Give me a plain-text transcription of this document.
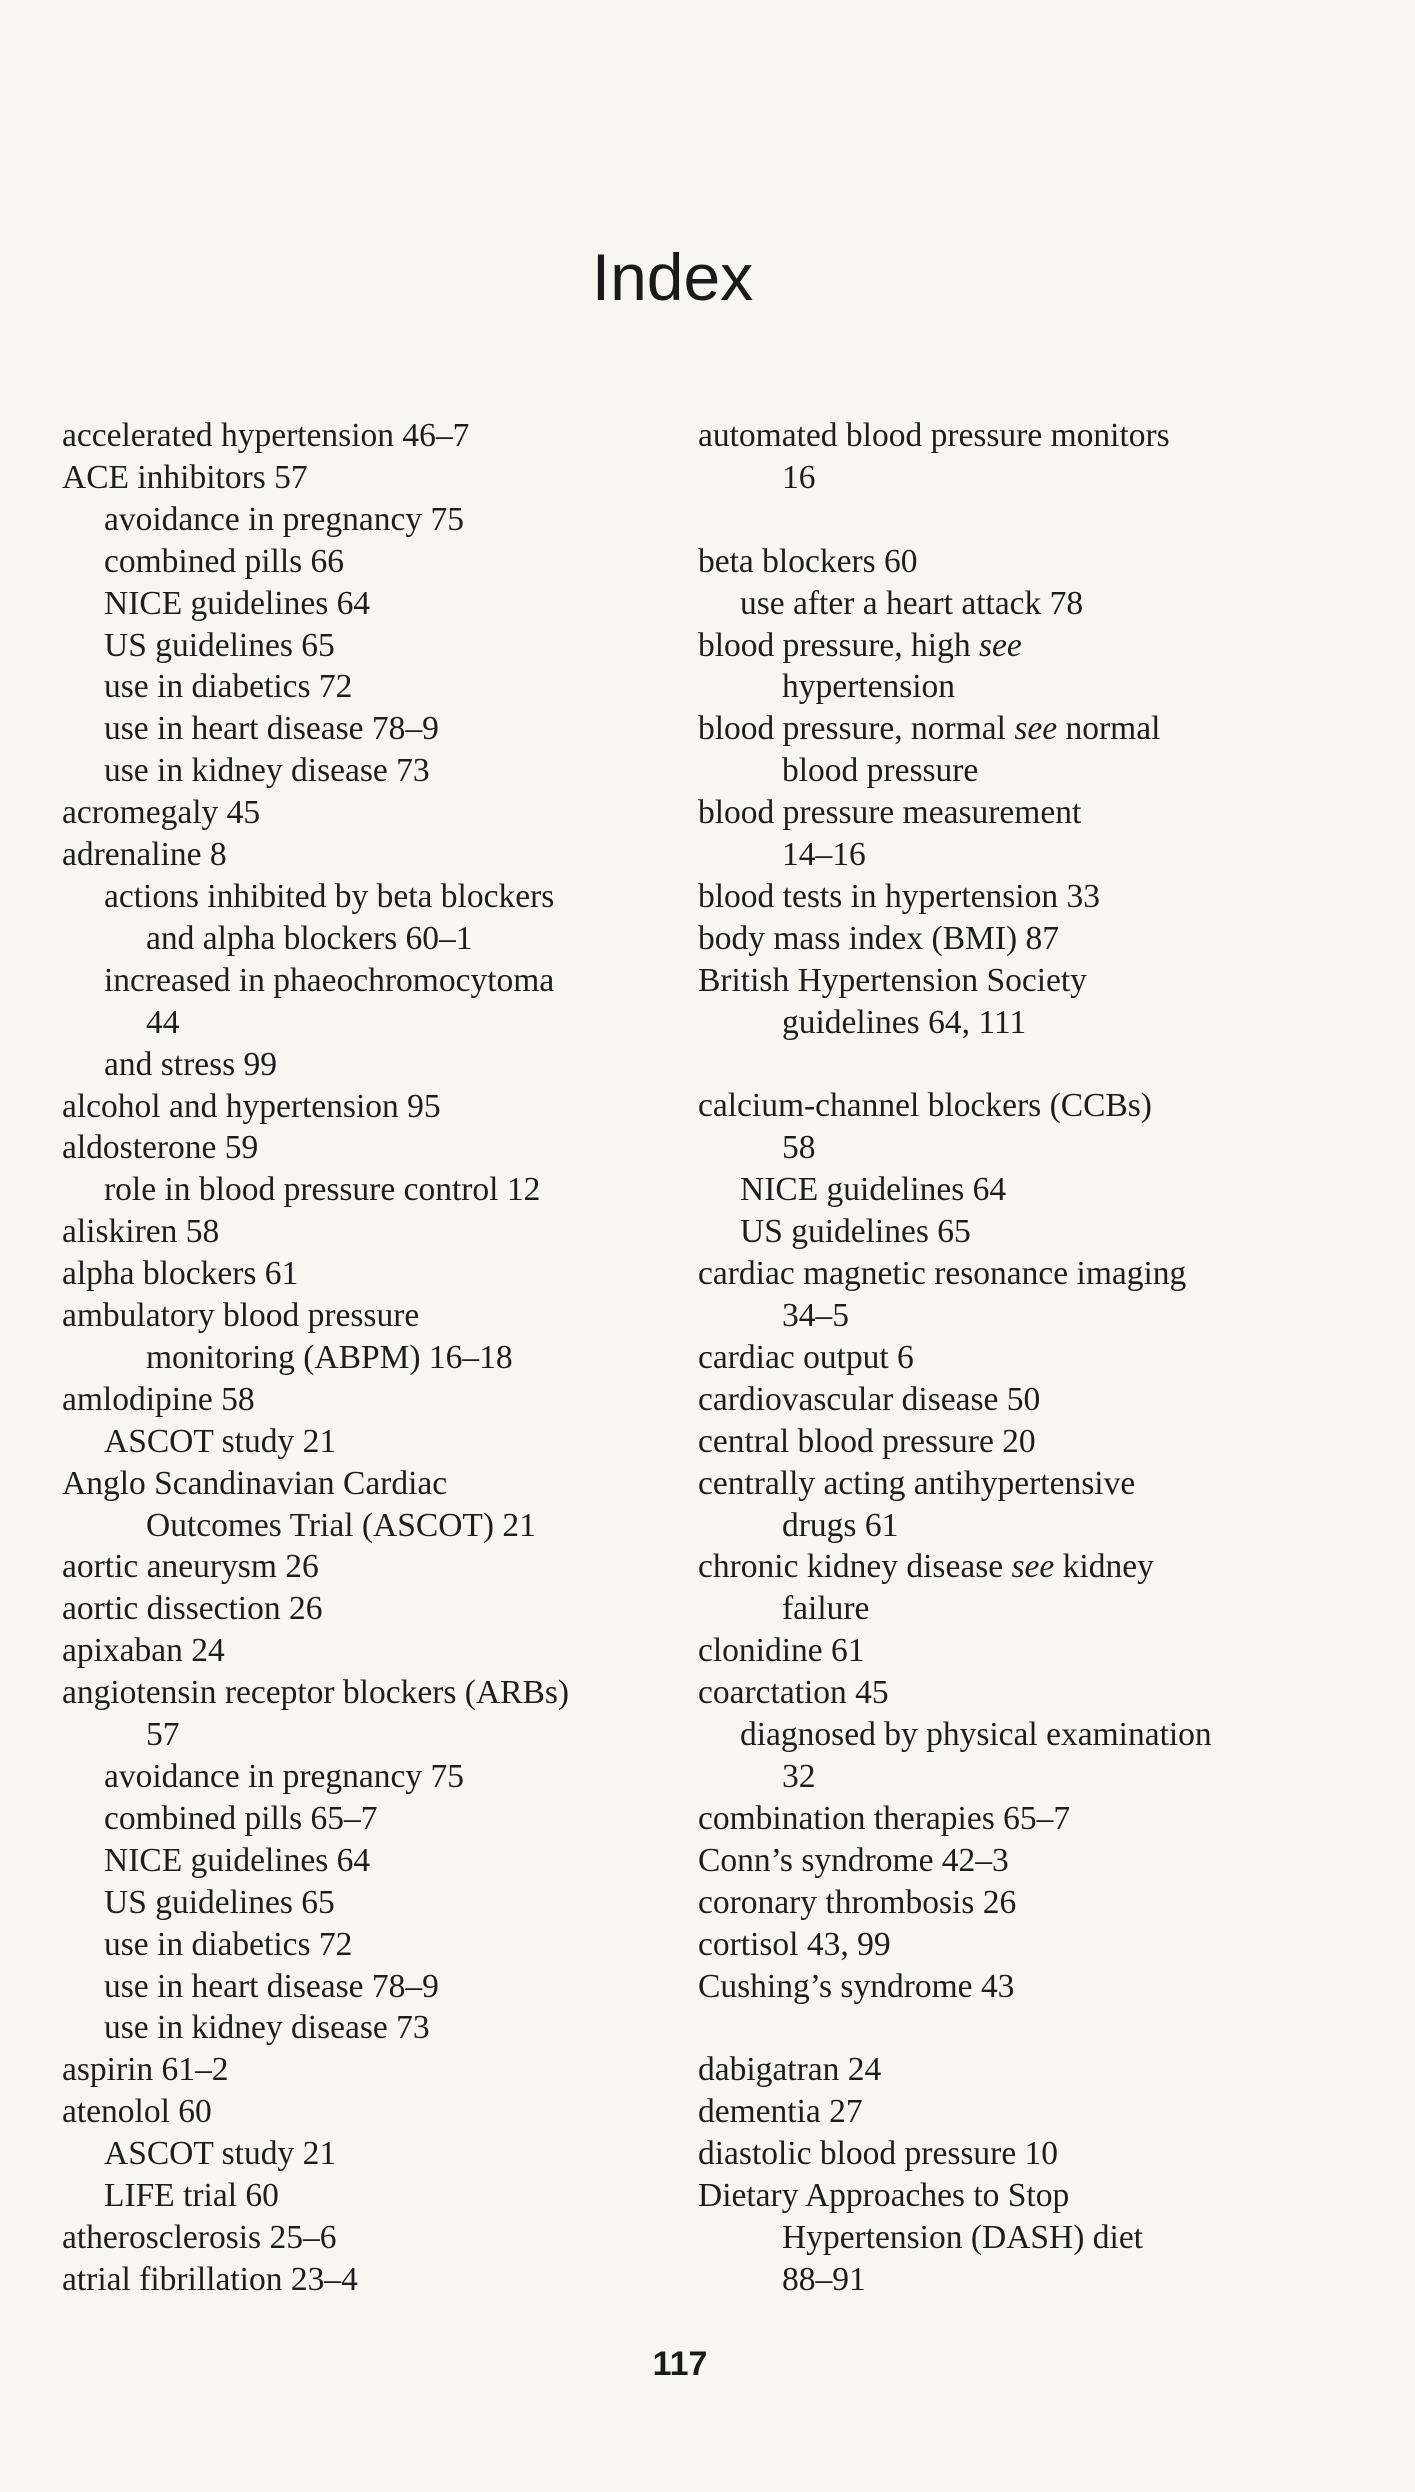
Index
accelerated hypertension 46–7
ACE inhibitors 57
avoidance in pregnancy 75
combined pills 66
NICE guidelines 64
US guidelines 65
use in diabetics 72
use in heart disease 78–9
use in kidney disease 73
acromegaly 45
adrenaline 8
actions inhibited by beta blockers
and alpha blockers 60–1
increased in phaeochromocytoma
44
and stress 99
alcohol and hypertension 95
aldosterone 59
role in blood pressure control 12
aliskiren 58
alpha blockers 61
ambulatory blood pressure
monitoring (ABPM) 16–18
amlodipine 58
ASCOT study 21
Anglo Scandinavian Cardiac
Outcomes Trial (ASCOT) 21
aortic aneurysm 26
aortic dissection 26
apixaban 24
angiotensin receptor blockers (ARBs)
57
avoidance in pregnancy 75
combined pills 65–7
NICE guidelines 64
US guidelines 65
use in diabetics 72
use in heart disease 78–9
use in kidney disease 73
aspirin 61–2
atenolol 60
ASCOT study 21
LIFE trial 60
atherosclerosis 25–6
atrial fibrillation 23–4
automated blood pressure monitors
16
beta blockers 60
use after a heart attack 78
blood pressure, high see
hypertension
blood pressure, normal see normal
blood pressure
blood pressure measurement
14–16
blood tests in hypertension 33
body mass index (BMI) 87
British Hypertension Society
guidelines 64, 111
calcium-channel blockers (CCBs)
58
NICE guidelines 64
US guidelines 65
cardiac magnetic resonance imaging
34–5
cardiac output 6
cardiovascular disease 50
central blood pressure 20
centrally acting antihypertensive
drugs 61
chronic kidney disease see kidney
failure
clonidine 61
coarctation 45
diagnosed by physical examination
32
combination therapies 65–7
Conn’s syndrome 42–3
coronary thrombosis 26
cortisol 43, 99
Cushing’s syndrome 43
dabigatran 24
dementia 27
diastolic blood pressure 10
Dietary Approaches to Stop
Hypertension (DASH) diet
88–91
117
